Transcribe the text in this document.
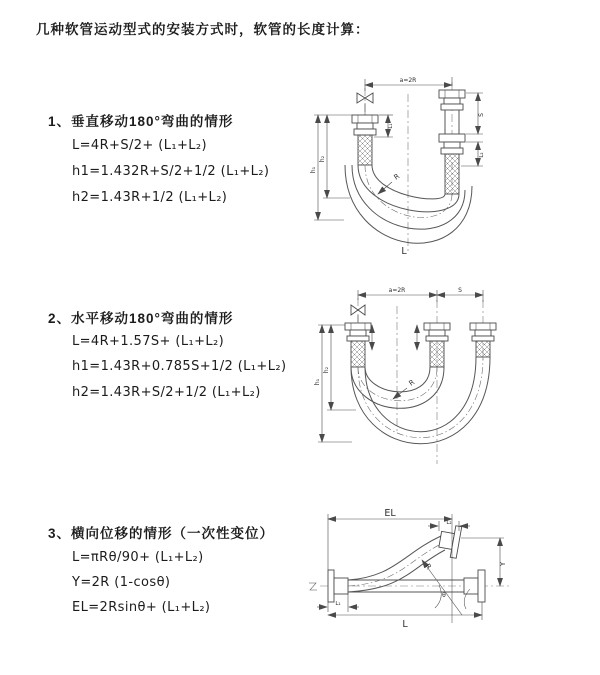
几种软管运动型式的安装方式时，软管的长度计算：
1、垂直移动180°弯曲的情形
L=4R+S/2+ (L₁+L₂)
h1=1.432R+S/2+1/2 (L₁+L₂)
h2=1.43R+1/2 (L₁+L₂)
2、水平移动180°弯曲的情形
L=4R+1.57S+ (L₁+L₂)
h1=1.43R+0.785S+1/2 (L₁+L₂)
h2=1.43R+S/2+1/2 (L₁+L₂)
3、横向位移的情形（一次性变位）
L=πRθ/90+ (L₁+L₂)
Y=2R (1-cosθ)
EL=2Rsinθ+ (L₁+L₂)
a=2R
L₁
h₁
h₂
S
L₂
R
L
a=2R	S
h₁
h₂
R
EL
L₂
Y
R
θ
L₁
L
